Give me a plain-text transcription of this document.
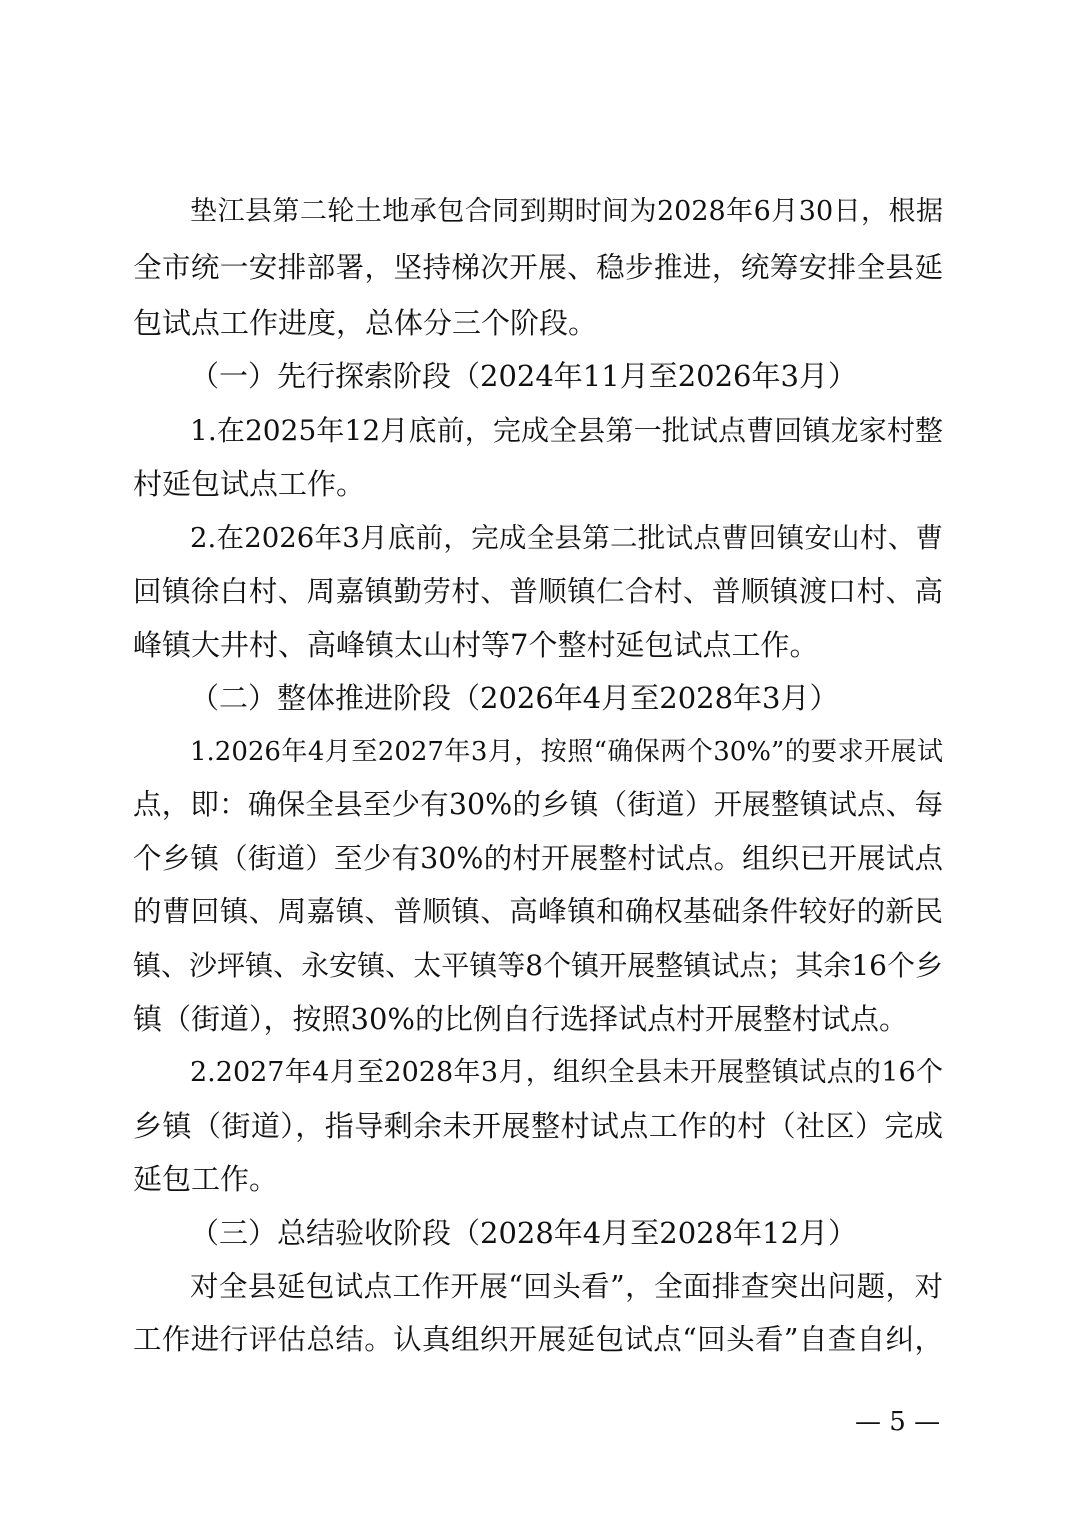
垫江县第二轮土地承包合同到期时间为2028年6月30日，根据
全市统一安排部署，坚持梯次开展、稳步推进，统筹安排全县延
包试点工作进度，总体分三个阶段。
（一）先行探索阶段（2024年11月至2026年3月）
1.在2025年12月底前，完成全县第一批试点曹回镇龙家村整
村延包试点工作。
2.在2026年3月底前，完成全县第二批试点曹回镇安山村、曹
回镇徐白村、周嘉镇勤劳村、普顺镇仁合村、普顺镇渡口村、高
峰镇大井村、高峰镇太山村等7个整村延包试点工作。
（二）整体推进阶段（2026年4月至2028年3月）
1.2026年4月至2027年3月，按照“确保两个30%”的要求开展试
点，即：确保全县至少有30%的乡镇（街道）开展整镇试点、每
个乡镇（街道）至少有30%的村开展整村试点。组织已开展试点
的曹回镇、周嘉镇、普顺镇、高峰镇和确权基础条件较好的新民
镇、沙坪镇、永安镇、太平镇等8个镇开展整镇试点；其余16个乡
镇（街道），按照30%的比例自行选择试点村开展整村试点。
2.2027年4月至2028年3月，组织全县未开展整镇试点的16个
乡镇（街道），指导剩余未开展整村试点工作的村（社区）完成
延包工作。
（三）总结验收阶段（2028年4月至2028年12月）
对全县延包试点工作开展“回头看”，全面排查突出问题，对
工作进行评估总结。认真组织开展延包试点“回头看”自查自纠，
— 5 —
